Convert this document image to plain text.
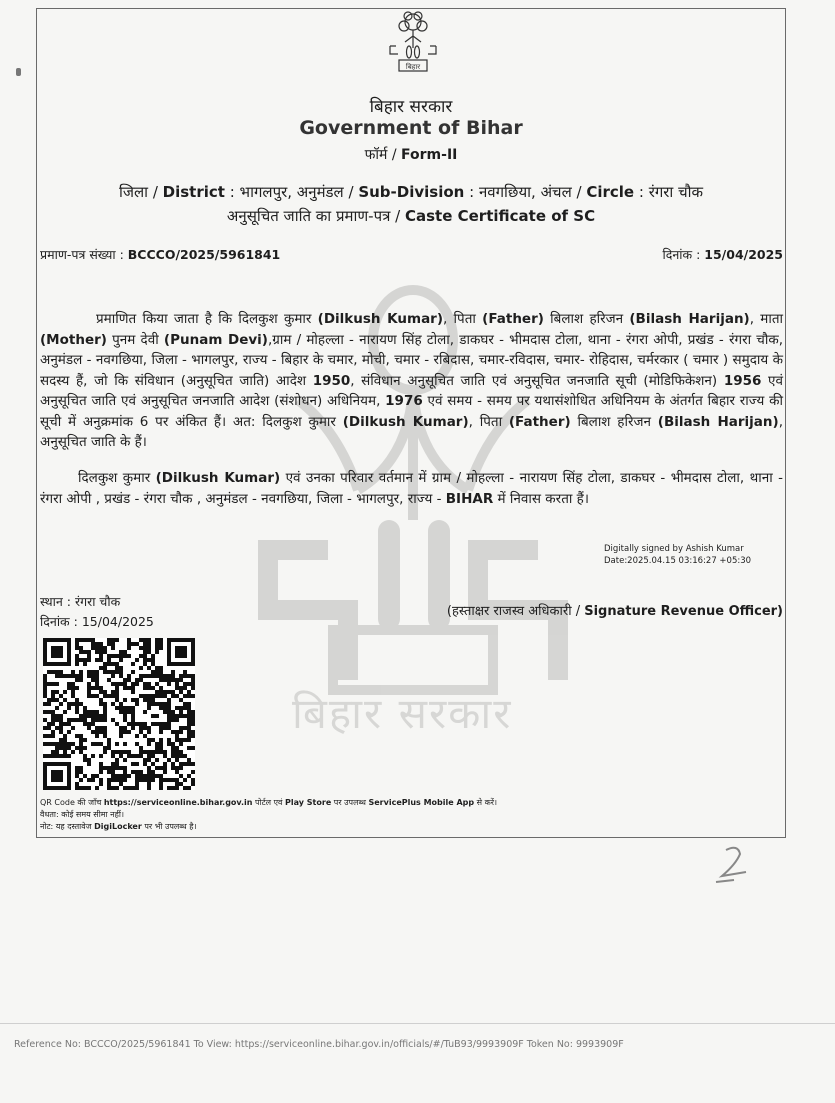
बिहार सरकार
बिहार
बिहार सरकार
Government of Bihar
फॉर्म / Form-II
जिला / District : भागलपुर, अनुमंडल / Sub-Division : नवगछिया, अंचल / Circle : रंगरा चौक
अनुसूचित जाति का प्रमाण-पत्र / Caste Certificate of SC
प्रमाण-पत्र संख्या : BCCCO/2025/5961841	दिनांक : 15/04/2025
प्रमाणित किया जाता है कि दिलकुश कुमार (Dilkush Kumar), पिता (Father) बिलाश हरिजन (Bilash Harijan), माता (Mother) पुनम देवी (Punam Devi),ग्राम / मोहल्ला - नारायण सिंह टोला, डाकघर - भीमदास टोला, थाना - रंगरा ओपी, प्रखंड - रंगरा चौक, अनुमंडल - नवगछिया, जिला - भागलपुर, राज्य - बिहार के चमार, मोची, चमार - रबिदास, चमार-रविदास, चमार- रोहिदास, चर्मरकार ( चमार ) समुदाय के सदस्य हैं, जो कि संविधान (अनुसूचित जाति) आदेश 1950, संविधान अनुसूचित जाति एवं अनुसूचित जनजाति सूची (मोडिफिकेशन) 1956 एवं अनुसूचित जाति एवं अनुसूचित जनजाति आदेश (संशोधन) अधिनियम, 1976 एवं समय - समय पर यथासंशोधित अधिनियम के अंतर्गत बिहार राज्य की सूची में अनुक्रमांक 6 पर अंकित हैं। अत: दिलकुश कुमार (Dilkush Kumar), पिता (Father) बिलाश हरिजन (Bilash Harijan), अनुसूचित जाति के हैं।
दिलकुश कुमार (Dilkush Kumar) एवं उनका परिवार वर्तमान में ग्राम / मोहल्ला - नारायण सिंह टोला, डाकघर - भीमदास टोला, थाना - रंगरा ओपी , प्रखंड - रंगरा चौक , अनुमंडल - नवगछिया, जिला - भागलपुर, राज्य - BIHAR में निवास करता हैं।
Digitally signed by Ashish Kumar
Date:2025.04.15 03:16:27 +05:30
स्थान : रंगरा चौक
दिनांक : 15/04/2025
(हस्ताक्षर राजस्व अधिकारी / Signature Revenue Officer)
QR Code की जाँच https://serviceonline.bihar.gov.in पोर्टल एवं Play Store पर उपलब्ध ServicePlus Mobile App से करें।
वैधता: कोई समय सीमा नहीं।
नोट: यह दस्तावेज DigiLocker पर भी उपलब्ध है।
Reference No: BCCCO/2025/5961841 To View: https://serviceonline.bihar.gov.in/officials/#/TuB93/9993909F Token No: 9993909F
